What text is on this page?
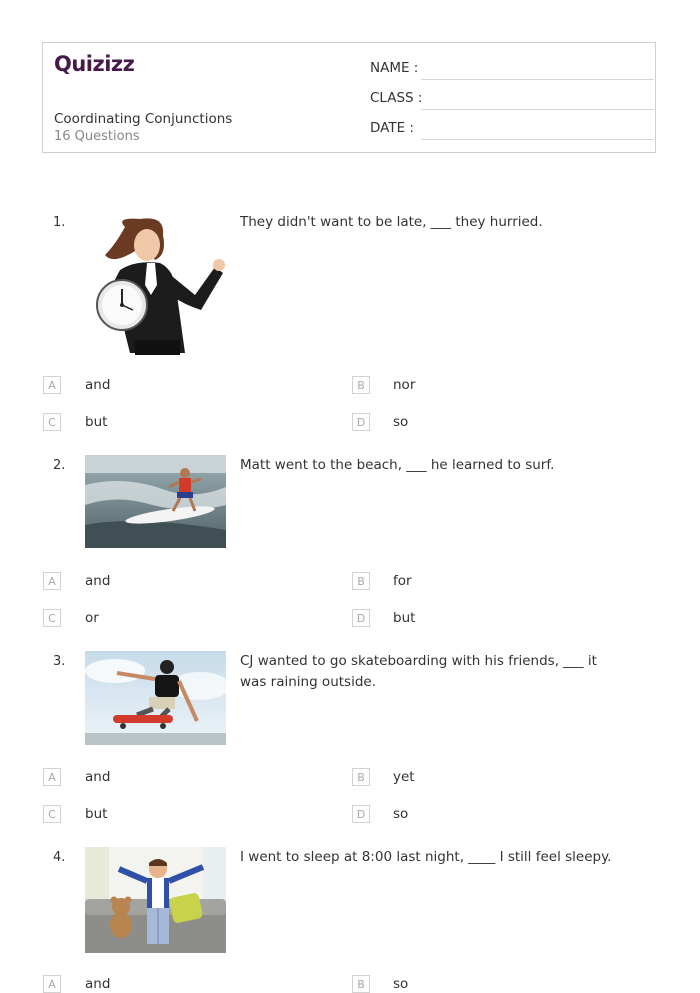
Quizizz
Coordinating Conjunctions
16 Questions
NAME :
CLASS :
DATE :
1.	They didn't want to be late, ___ they hurried.
A	and	B	nor
C	but	D	so
2.	Matt went to the beach, ___ he learned to surf.
A	and	B	for
C	or	D	but
3.	CJ wanted to go skateboarding with his friends, ___ it was raining outside.
A	and	B	yet
C	but	D	so
4.	I went to sleep at 8:00 last night, ____ I still feel sleepy.
A	and	B	so
